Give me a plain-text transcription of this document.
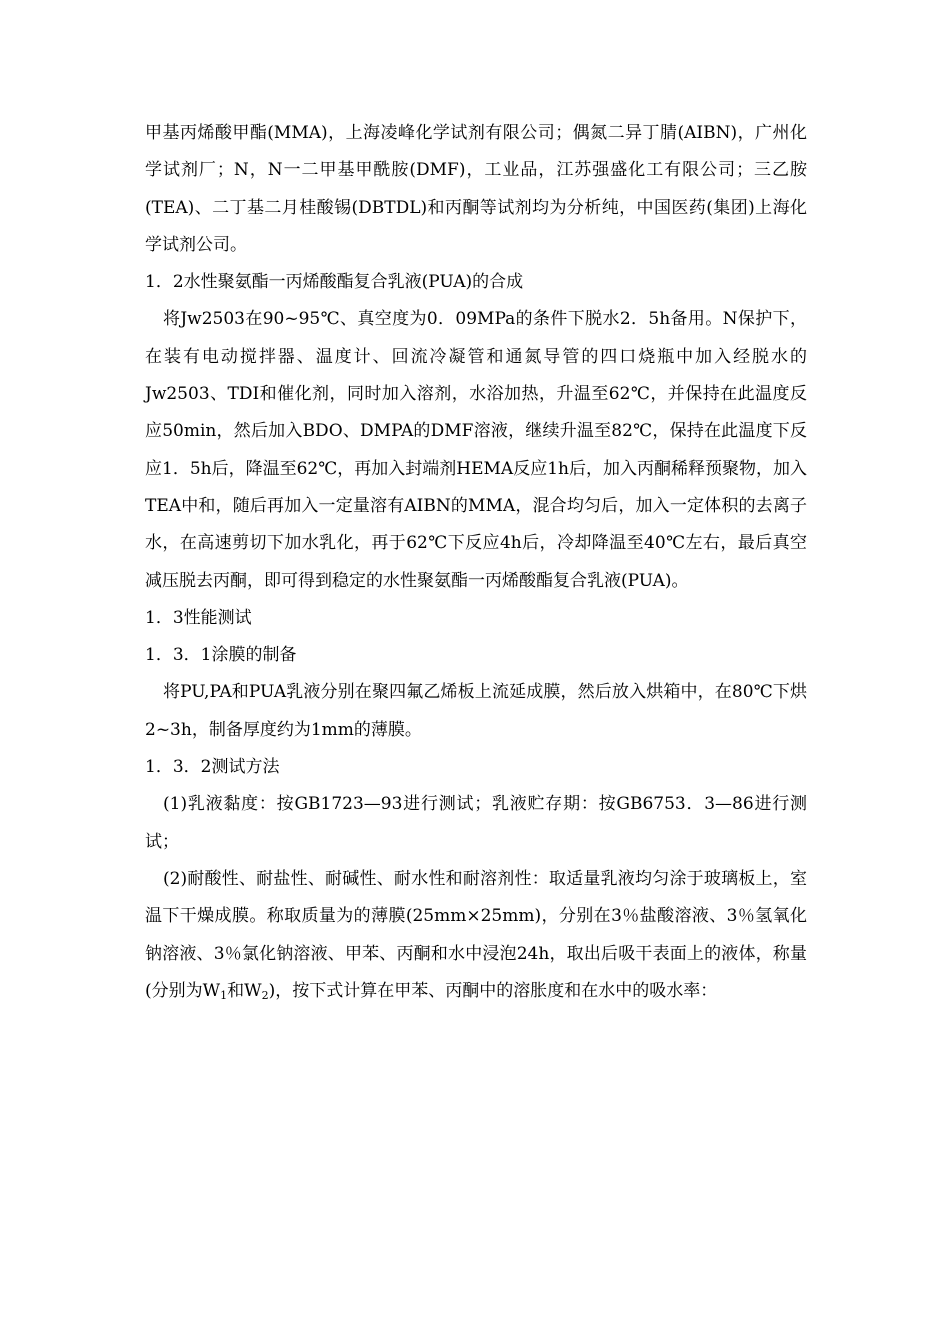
甲基丙烯酸甲酯(MMA)，上海凌峰化学试剂有限公司；偶氮二异丁腈(AIBN)，广州化学试剂厂；N，N一二甲基甲酰胺(DMF)，工业品，江苏强盛化工有限公司；三乙胺(TEA)、二丁基二月桂酸锡(DBTDL)和丙酮等试剂均为分析纯，中国医药(集团)上海化学试剂公司。

1．2水性聚氨酯一丙烯酸酯复合乳液(PUA)的合成

将Jw2503在90~95℃、真空度为0．09MPa的条件下脱水2．5h备用。N保护下，在装有电动搅拌器、温度计、回流冷凝管和通氮导管的四口烧瓶中加入经脱水的Jw2503、TDI和催化剂，同时加入溶剂，水浴加热，升温至62℃，并保持在此温度反应50min，然后加入BDO、DMPA的DMF溶液，继续升温至82℃，保持在此温度下反应1．5h后，降温至62℃，再加入封端剂HEMA反应1h后，加入丙酮稀释预聚物，加入TEA中和，随后再加入一定量溶有AIBN的MMA，混合均匀后，加入一定体积的去离子水，在高速剪切下加水乳化，再于62℃下反应4h后，冷却降温至40℃左右，最后真空减压脱去丙酮，即可得到稳定的水性聚氨酯一丙烯酸酯复合乳液(PUA)。

1．3性能测试

1．3．1涂膜的制备

将PU,PA和PUA乳液分别在聚四氟乙烯板上流延成膜，然后放入烘箱中，在80℃下烘2~3h，制备厚度约为1mm的薄膜。

1．3．2测试方法

(1)乳液黏度：按GB1723—93进行测试；乳液贮存期：按GB6753．3—86进行测试；

(2)耐酸性、耐盐性、耐碱性、耐水性和耐溶剂性：取适量乳液均匀涂于玻璃板上，室温下干燥成膜。称取质量为的薄膜(25mm×25mm)，分别在3％盐酸溶液、3％氢氧化钠溶液、3％氯化钠溶液、甲苯、丙酮和水中浸泡24h，取出后吸干表面上的液体，称量(分别为$W_1$和$W_2$)，按下式计算在甲苯、丙酮中的溶胀度和在水中的吸水率：
